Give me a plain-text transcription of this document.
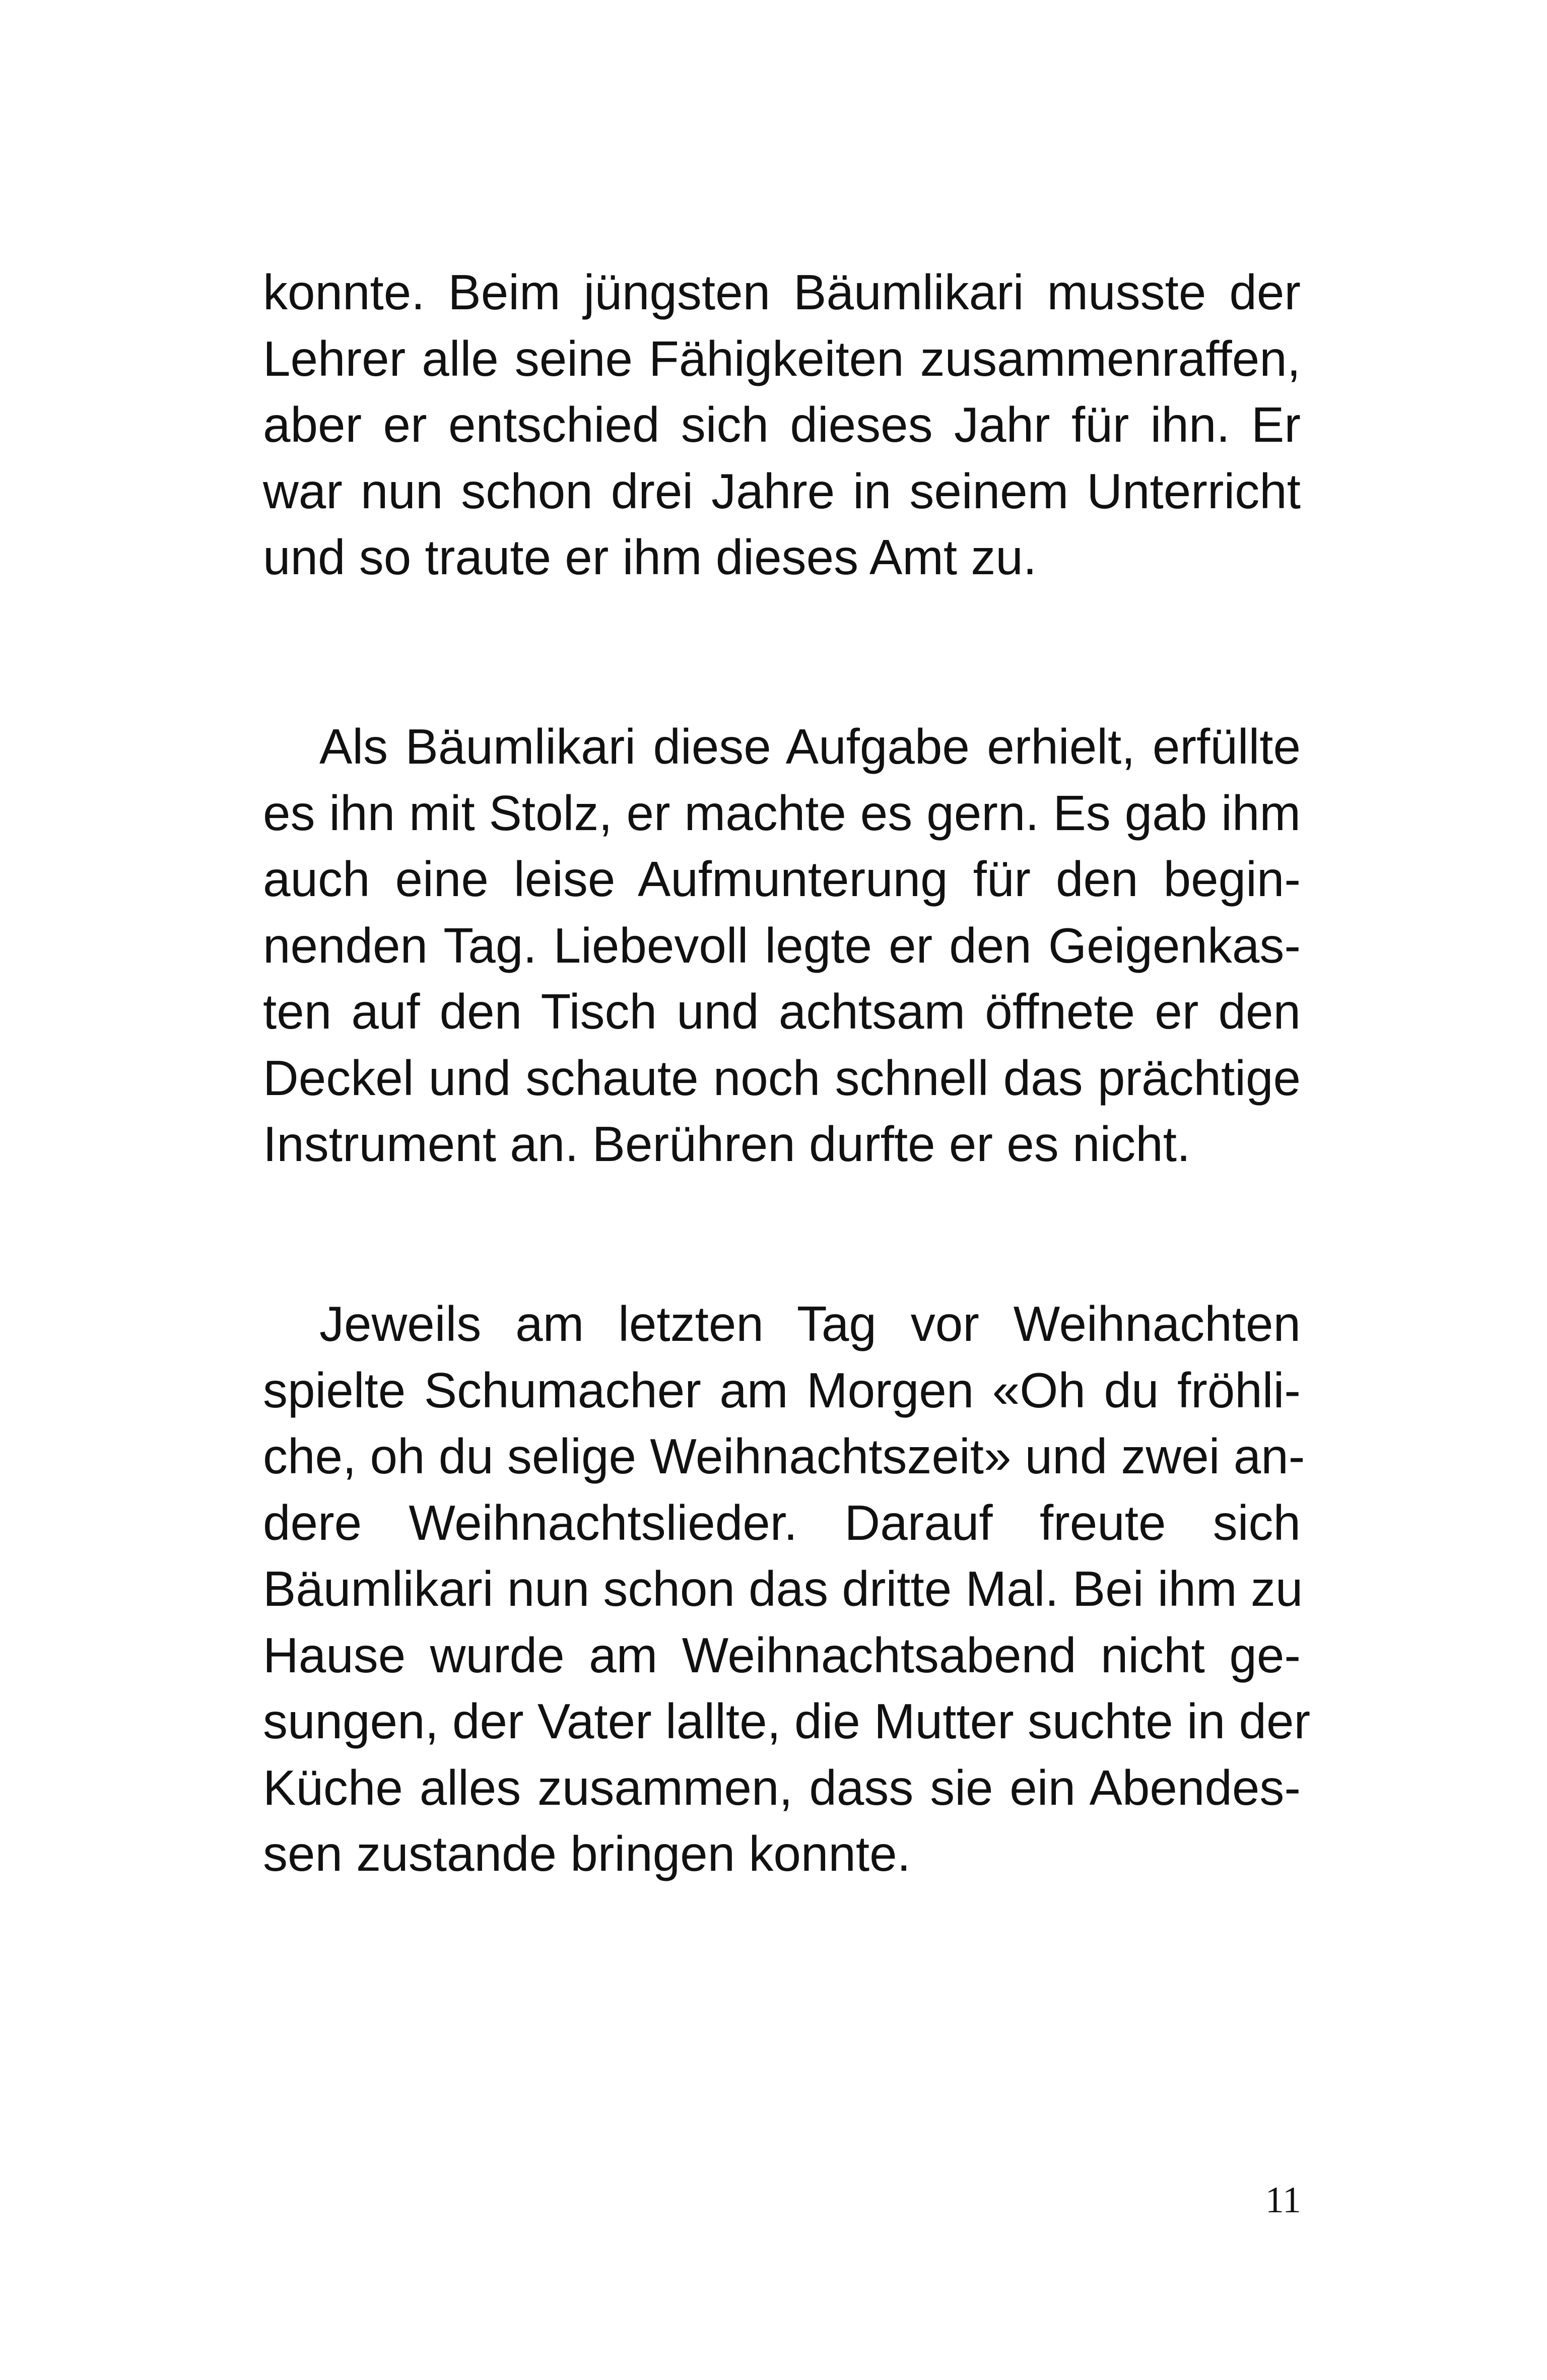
konnte. Beim jüngsten Bäumlikari musste der
Lehrer alle seine Fähigkeiten zusammenraffen,
aber er entschied sich dieses Jahr für ihn. Er
war nun schon drei Jahre in seinem Unterricht
und so traute er ihm dieses Amt zu.
Als Bäumlikari diese Aufgabe erhielt, erfüllte
es ihn mit Stolz, er machte es gern. Es gab ihm
auch eine leise Aufmunterung für den begin-
nenden Tag. Liebevoll legte er den Geigenkas-
ten auf den Tisch und achtsam öffnete er den
Deckel und schaute noch schnell das prächtige
Instrument an. Berühren durfte er es nicht.
Jeweils am letzten Tag vor Weihnachten
spielte Schumacher am Morgen «Oh du fröhli-
che, oh du selige Weihnachtszeit» und zwei an-
dere Weihnachtslieder. Darauf freute sich
Bäumlikari nun schon das dritte Mal. Bei ihm zu
Hause wurde am Weihnachtsabend nicht ge-
sungen, der Vater lallte, die Mutter suchte in der
Küche alles zusammen, dass sie ein Abendes-
sen zustande bringen konnte.
11
